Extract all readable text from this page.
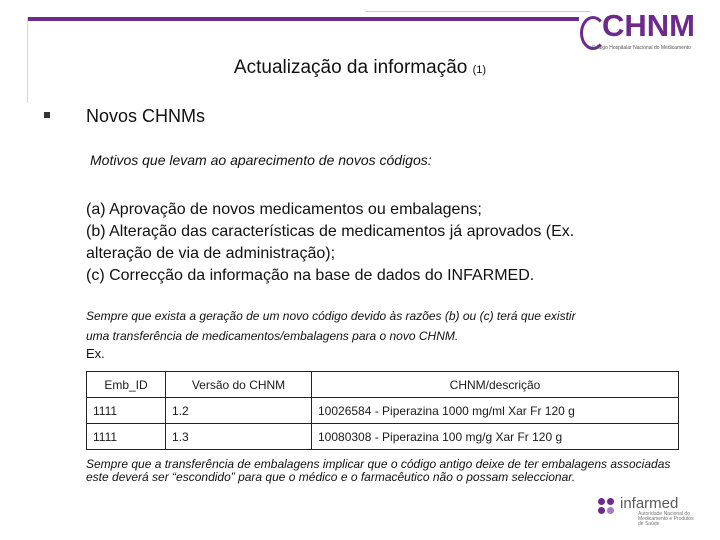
CHNM
Código Hospitalar Nacional do Medicamento
Actualização da informação (1)
Novos CHNMs
Motivos que levam ao aparecimento de novos códigos:
(a) Aprovação de novos medicamentos ou embalagens;
(b) Alteração das características de medicamentos já aprovados (Ex.
alteração de via de administração);
(c) Correcção da informação na base de dados do INFARMED.
Sempre que exista a geração de um novo código devido às razões (b) ou (c) terá que existir
uma transferência de medicamentos/embalagens para o novo CHNM.
Ex.
Emb_ID	Versão do CHNM	CHNM/descrição
1111	1.2	10026584 - Piperazina 1000 mg/ml Xar Fr 120 g
1111	1.3	10080308 - Piperazina 100 mg/g Xar Fr 120 g
Sempre que a transferência de embalagens implicar que o código antigo deixe de ter embalagens associadas este deverá ser “escondido” para que o médico e o farmacêutico não o possam seleccionar.
infarmed
Autoridade Nacional do Medicamento e Produtos de Saúde
